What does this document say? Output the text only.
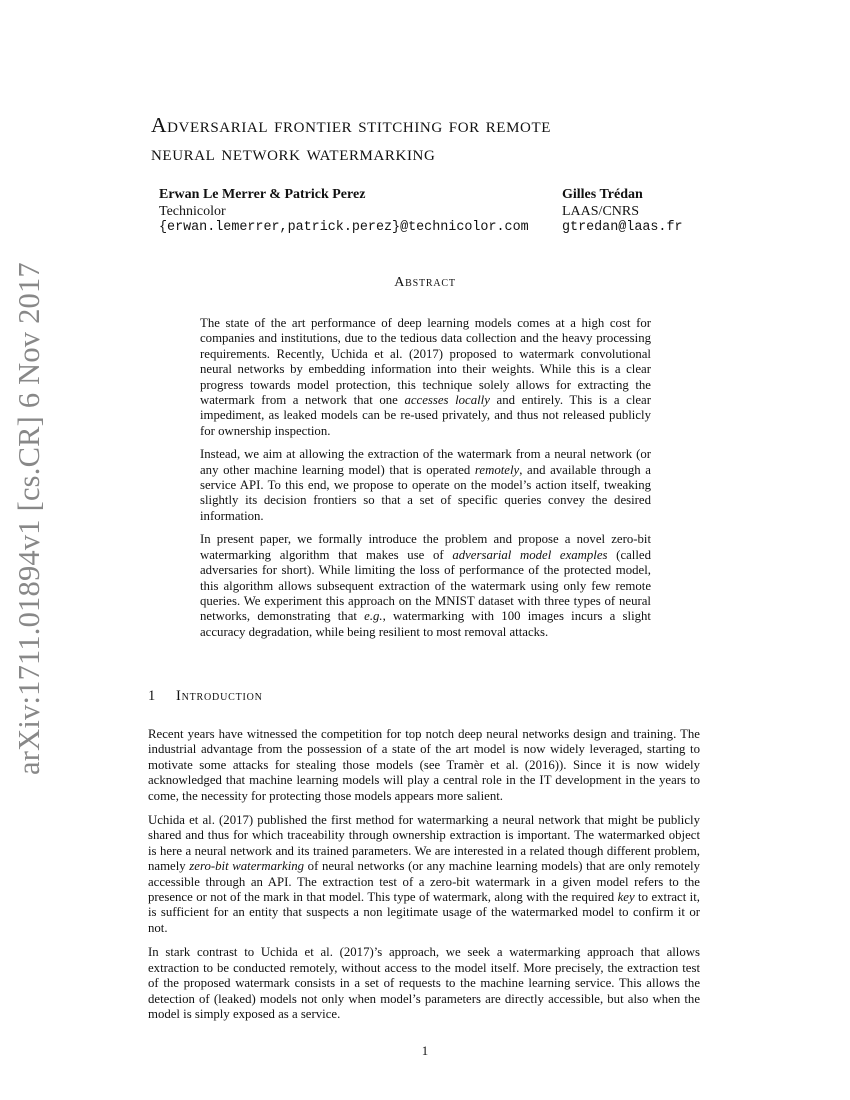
arXiv:1711.01894v1 [cs.CR] 6 Nov 2017
Adversarial frontier stitching for remote
neural network watermarking
Erwan Le Merrer & Patrick Perez
Technicolor
{erwan.lemerrer,patrick.perez}@technicolor.com
Gilles Trédan
LAAS/CNRS
gtredan@laas.fr
Abstract

The state of the art performance of deep learning models comes at a high cost for companies and institutions, due to the tedious data collection and the heavy processing requirements. Recently, Uchida et al. (2017) proposed to watermark convolutional neural networks by embedding information into their weights. While this is a clear progress towards model protection, this technique solely allows for extracting the watermark from a network that one accesses locally and entirely. This is a clear impediment, as leaked models can be re-used privately, and thus not released publicly for ownership inspection.

Instead, we aim at allowing the extraction of the watermark from a neural network (or any other machine learning model) that is operated remotely, and available through a service API. To this end, we propose to operate on the model’s action itself, tweaking slightly its decision frontiers so that a set of specific queries convey the desired information.

In present paper, we formally introduce the problem and propose a novel zero-bit watermarking algorithm that makes use of adversarial model examples (called adversaries for short). While limiting the loss of performance of the protected model, this algorithm allows subsequent extraction of the watermark using only few remote queries. We experiment this approach on the MNIST dataset with three types of neural networks, demonstrating that e.g., watermarking with 100 images incurs a slight accuracy degradation, while being resilient to most removal attacks.

1 Introduction

Recent years have witnessed the competition for top notch deep neural networks design and training. The industrial advantage from the possession of a state of the art model is now widely leveraged, starting to motivate some attacks for stealing those models (see Tramèr et al. (2016)). Since it is now widely acknowledged that machine learning models will play a central role in the IT development in the years to come, the necessity for protecting those models appears more salient.

Uchida et al. (2017) published the first method for watermarking a neural network that might be publicly shared and thus for which traceability through ownership extraction is important. The watermarked object is here a neural network and its trained parameters. We are interested in a related though different problem, namely zero-bit watermarking of neural networks (or any machine learning models) that are only remotely accessible through an API. The extraction test of a zero-bit watermark in a given model refers to the presence or not of the mark in that model. This type of watermark, along with the required key to extract it, is sufficient for an entity that suspects a non legitimate usage of the watermarked model to confirm it or not.

In stark contrast to Uchida et al. (2017)’s approach, we seek a watermarking approach that allows extraction to be conducted remotely, without access to the model itself. More precisely, the extraction test of the proposed watermark consists in a set of requests to the machine learning service. This allows the detection of (leaked) models not only when model’s parameters are directly accessible, but also when the model is simply exposed as a service.

1
